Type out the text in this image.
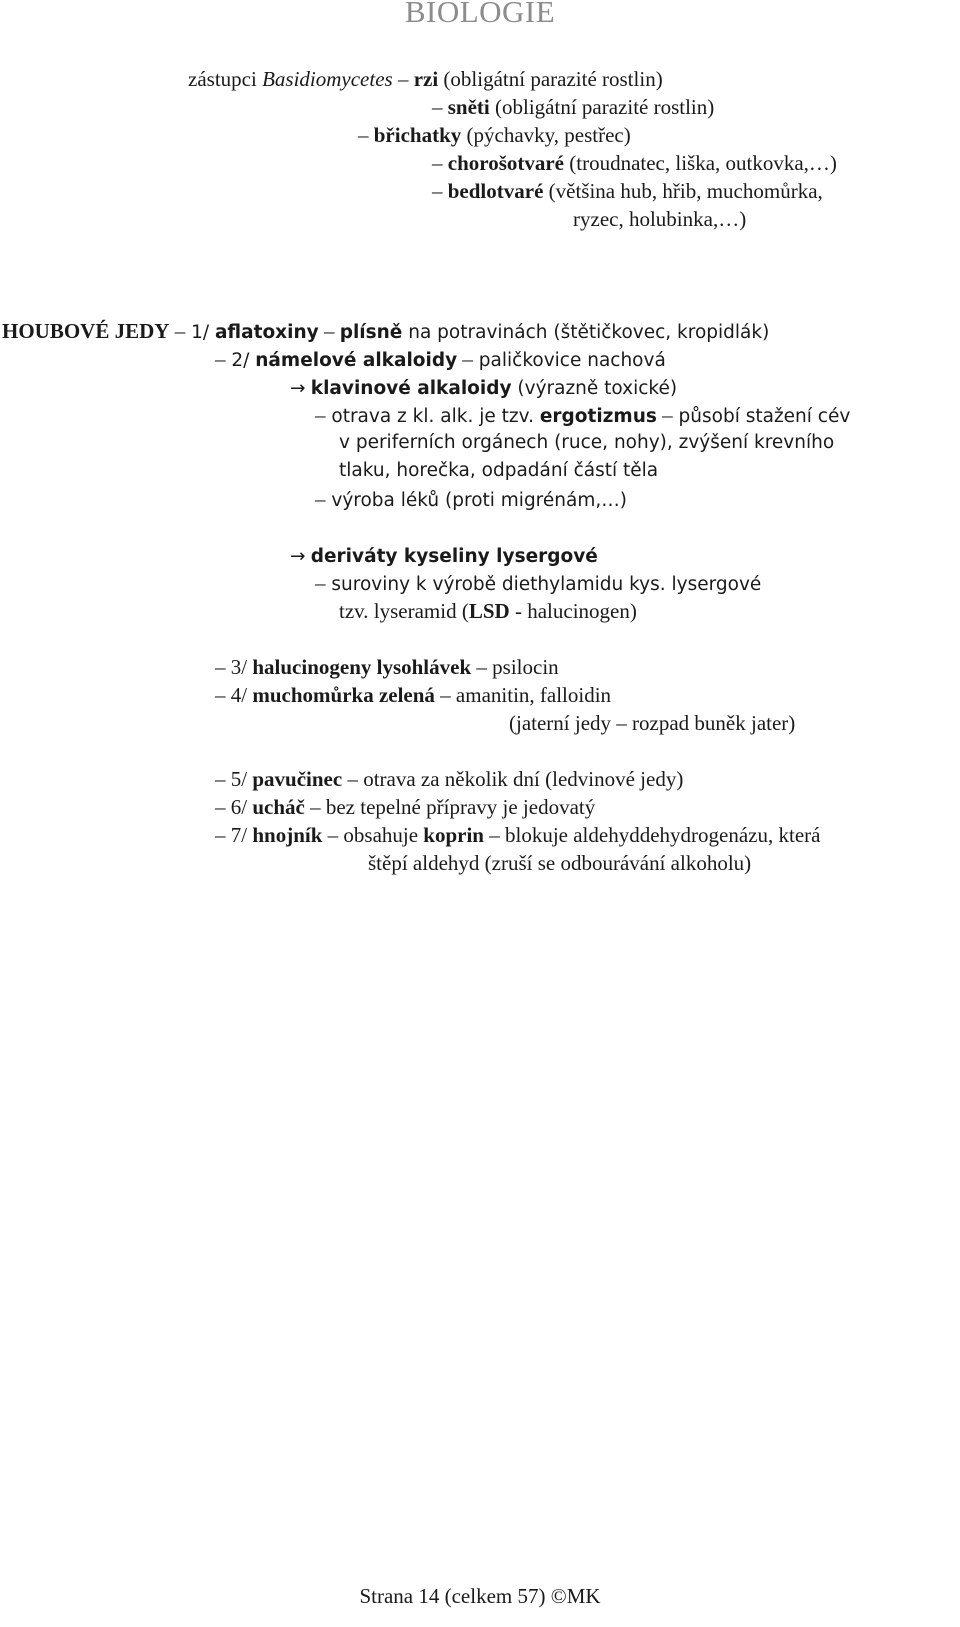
BIOLOGIE
zástupci Basidiomycetes – rzi (obligátní parazité rostlin)
– sněti (obligátní parazité rostlin)
– břichatky (pýchavky, pestřec)
– chorošotvaré (troudnatec, liška, outkovka,…)
– bedlotvaré (většina hub, hřib, muchomůrka,
ryzec, holubinka,…)
HOUBOVÉ JEDY – 1/ aflatoxiny – plísně na potravinách (štětičkovec, kropidlák)
– 2/ námelové alkaloidy – paličkovice nachová
→ klavinové alkaloidy (výrazně toxické)
– otrava z kl. alk. je tzv. ergotizmus – působí stažení cév
v periferních orgánech (ruce, nohy), zvýšení krevního
tlaku, horečka, odpadání částí těla
– výroba léků (proti migrénám,…)
→ deriváty kyseliny lysergové
– suroviny k výrobě diethylamidu kys. lysergové
tzv. lyseramid (LSD - halucinogen)
– 3/ halucinogeny lysohlávek – psilocin
– 4/ muchomůrka zelená – amanitin, falloidin
(jaterní jedy – rozpad buněk jater)
– 5/ pavučinec – otrava za několik dní (ledvinové jedy)
– 6/ ucháč – bez tepelné přípravy je jedovatý
– 7/ hnojník – obsahuje koprin – blokuje aldehyddehydrogenázu, která
štěpí aldehyd (zruší se odbourávání alkoholu)
Strana 14 (celkem 57) ©MK
